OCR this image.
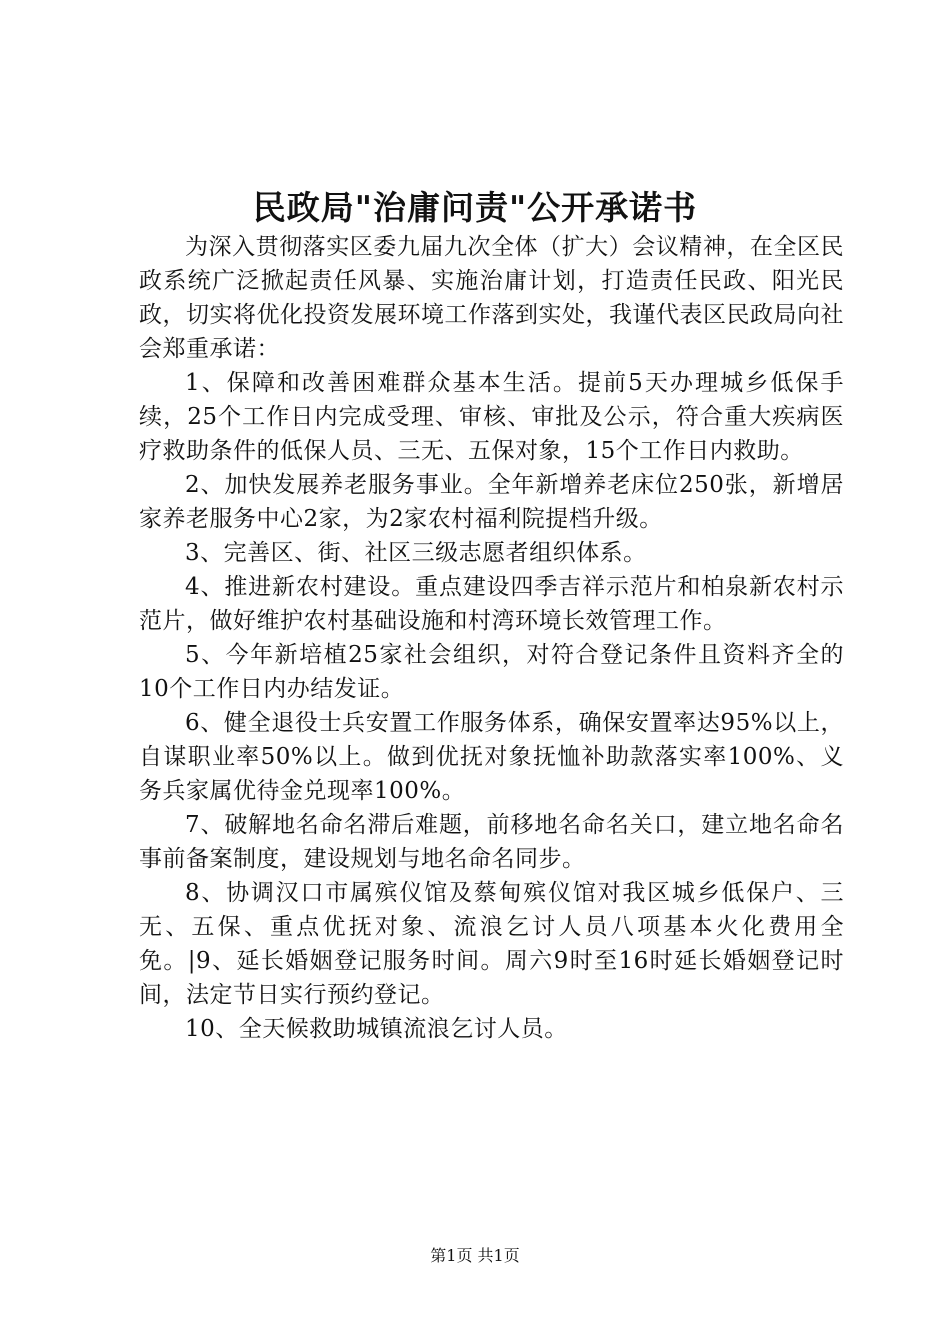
民政局"治庸问责"公开承诺书

为深入贯彻落实区委九届九次全体（扩大）会议精神，在全区民政系统广泛掀起责任风暴、实施治庸计划，打造责任民政、阳光民政，切实将优化投资发展环境工作落到实处，我谨代表区民政局向社会郑重承诺：

1、保障和改善困难群众基本生活。提前5天办理城乡低保手续，25个工作日内完成受理、审核、审批及公示，符合重大疾病医疗救助条件的低保人员、三无、五保对象，15个工作日内救助。

2、加快发展养老服务事业。全年新增养老床位250张，新增居家养老服务中心2家，为2家农村福利院提档升级。

3、完善区、街、社区三级志愿者组织体系。

4、推进新农村建设。重点建设四季吉祥示范片和柏泉新农村示范片，做好维护农村基础设施和村湾环境长效管理工作。

5、今年新培植25家社会组织，对符合登记条件且资料齐全的10个工作日内办结发证。

6、健全退役士兵安置工作服务体系，确保安置率达95%以上，自谋职业率50%以上。做到优抚对象抚恤补助款落实率100%、义务兵家属优待金兑现率100%。

7、破解地名命名滞后难题，前移地名命名关口，建立地名命名事前备案制度，建设规划与地名命名同步。

8、协调汉口市属殡仪馆及蔡甸殡仪馆对我区城乡低保户、三无、五保、重点优抚对象、流浪乞讨人员八项基本火化费用全免。|9、延长婚姻登记服务时间。周六9时至16时延长婚姻登记时间，法定节日实行预约登记。

10、全天候救助城镇流浪乞讨人员。

第1页 共1页
